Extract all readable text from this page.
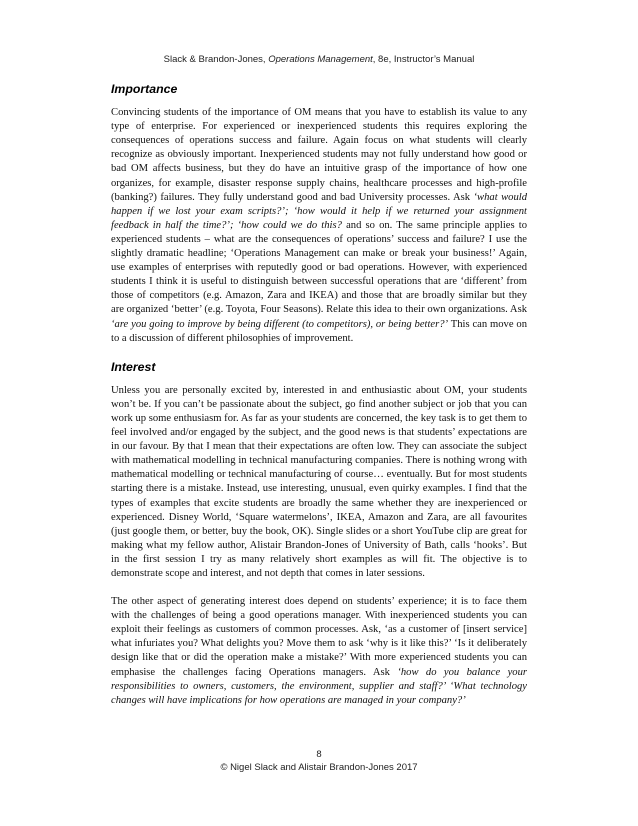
Slack & Brandon-Jones, Operations Management, 8e, Instructor’s Manual
Importance

Convincing students of the importance of OM means that you have to establish its value to any type of enterprise. For experienced or inexperienced students this requires exploring the consequences of operations success and failure. Again focus on what students will clearly recognize as obviously important. Inexperienced students may not fully understand how good or bad OM affects business, but they do have an intuitive grasp of the importance of how one organizes, for example, disaster response supply chains, healthcare processes and high-profile (banking?) failures. They fully understand good and bad University processes. Ask ‘what would happen if we lost your exam scripts?’; ‘how would it help if we returned your assignment feedback in half the time?’; ‘how could we do this? and so on. The same principle applies to experienced students – what are the consequences of operations’ success and failure? I use the slightly dramatic headline; ‘Operations Management can make or break your business!’ Again, use examples of enterprises with reputedly good or bad operations. However, with experienced students I think it is useful to distinguish between successful operations that are ‘different’ from those of competitors (e.g. Amazon, Zara and IKEA) and those that are broadly similar but they are organized ‘better’ (e.g. Toyota, Four Seasons). Relate this idea to their own organizations. Ask ‘are you going to improve by being different (to competitors), or being better?’ This can move on to a discussion of different philosophies of improvement.

Interest

Unless you are personally excited by, interested in and enthusiastic about OM, your students won’t be. If you can’t be passionate about the subject, go find another subject or job that you can work up some enthusiasm for. As far as your students are concerned, the key task is to get them to feel involved and/or engaged by the subject, and the good news is that students’ expectations are in our favour. By that I mean that their expectations are often low. They can associate the subject with mathematical modelling in technical manufacturing companies. There is nothing wrong with mathematical modelling or technical manufacturing of course… eventually. But for most students starting there is a mistake. Instead, use interesting, unusual, even quirky examples. I find that the types of examples that excite students are broadly the same whether they are inexperienced or experienced. Disney World, ‘Square watermelons’, IKEA, Amazon and Zara, are all favourites (just google them, or better, buy the book, OK). Single slides or a short YouTube clip are great for making what my fellow author, Alistair Brandon-Jones of University of Bath, calls ‘hooks’. But in the first session I try as many relatively short examples as will fit. The objective is to demonstrate scope and interest, and not depth that comes in later sessions.

The other aspect of generating interest does depend on students’ experience; it is to face them with the challenges of being a good operations manager. With inexperienced students you can exploit their feelings as customers of common processes. Ask, ‘as a customer of [insert service] what infuriates you? What delights you? Move them to ask ‘why is it like this?’ ‘Is it deliberately design like that or did the operation make a mistake?’ With more experienced students you can emphasise the challenges facing Operations managers. Ask ‘how do you balance your responsibilities to owners, customers, the environment, supplier and staff?’ ‘What technology changes will have implications for how operations are managed in your company?’

8
© Nigel Slack and Alistair Brandon-Jones 2017
